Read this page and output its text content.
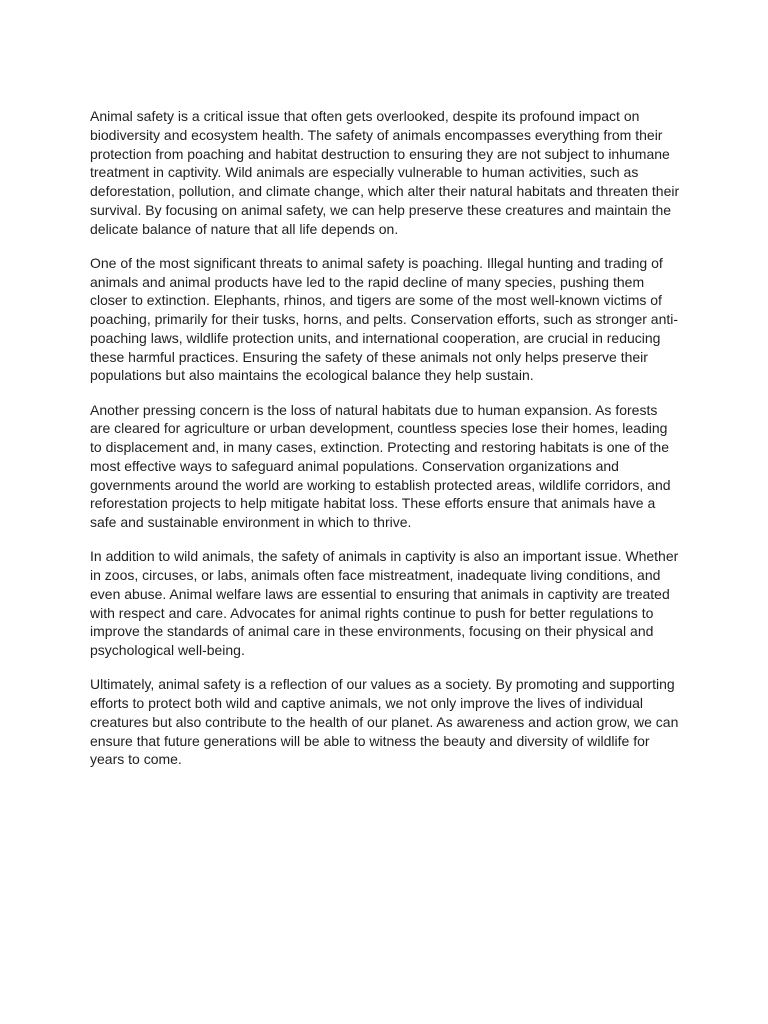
Animal safety is a critical issue that often gets overlooked, despite its profound impact on biodiversity and ecosystem health. The safety of animals encompasses everything from their protection from poaching and habitat destruction to ensuring they are not subject to inhumane treatment in captivity. Wild animals are especially vulnerable to human activities, such as deforestation, pollution, and climate change, which alter their natural habitats and threaten their survival. By focusing on animal safety, we can help preserve these creatures and maintain the delicate balance of nature that all life depends on.

One of the most significant threats to animal safety is poaching. Illegal hunting and trading of animals and animal products have led to the rapid decline of many species, pushing them closer to extinction. Elephants, rhinos, and tigers are some of the most well-known victims of poaching, primarily for their tusks, horns, and pelts. Conservation efforts, such as stronger anti-poaching laws, wildlife protection units, and international cooperation, are crucial in reducing these harmful practices. Ensuring the safety of these animals not only helps preserve their populations but also maintains the ecological balance they help sustain.

Another pressing concern is the loss of natural habitats due to human expansion. As forests are cleared for agriculture or urban development, countless species lose their homes, leading to displacement and, in many cases, extinction. Protecting and restoring habitats is one of the most effective ways to safeguard animal populations. Conservation organizations and governments around the world are working to establish protected areas, wildlife corridors, and reforestation projects to help mitigate habitat loss. These efforts ensure that animals have a safe and sustainable environment in which to thrive.

In addition to wild animals, the safety of animals in captivity is also an important issue. Whether in zoos, circuses, or labs, animals often face mistreatment, inadequate living conditions, and even abuse. Animal welfare laws are essential to ensuring that animals in captivity are treated with respect and care. Advocates for animal rights continue to push for better regulations to improve the standards of animal care in these environments, focusing on their physical and psychological well-being.

Ultimately, animal safety is a reflection of our values as a society. By promoting and supporting efforts to protect both wild and captive animals, we not only improve the lives of individual creatures but also contribute to the health of our planet. As awareness and action grow, we can ensure that future generations will be able to witness the beauty and diversity of wildlife for years to come.
